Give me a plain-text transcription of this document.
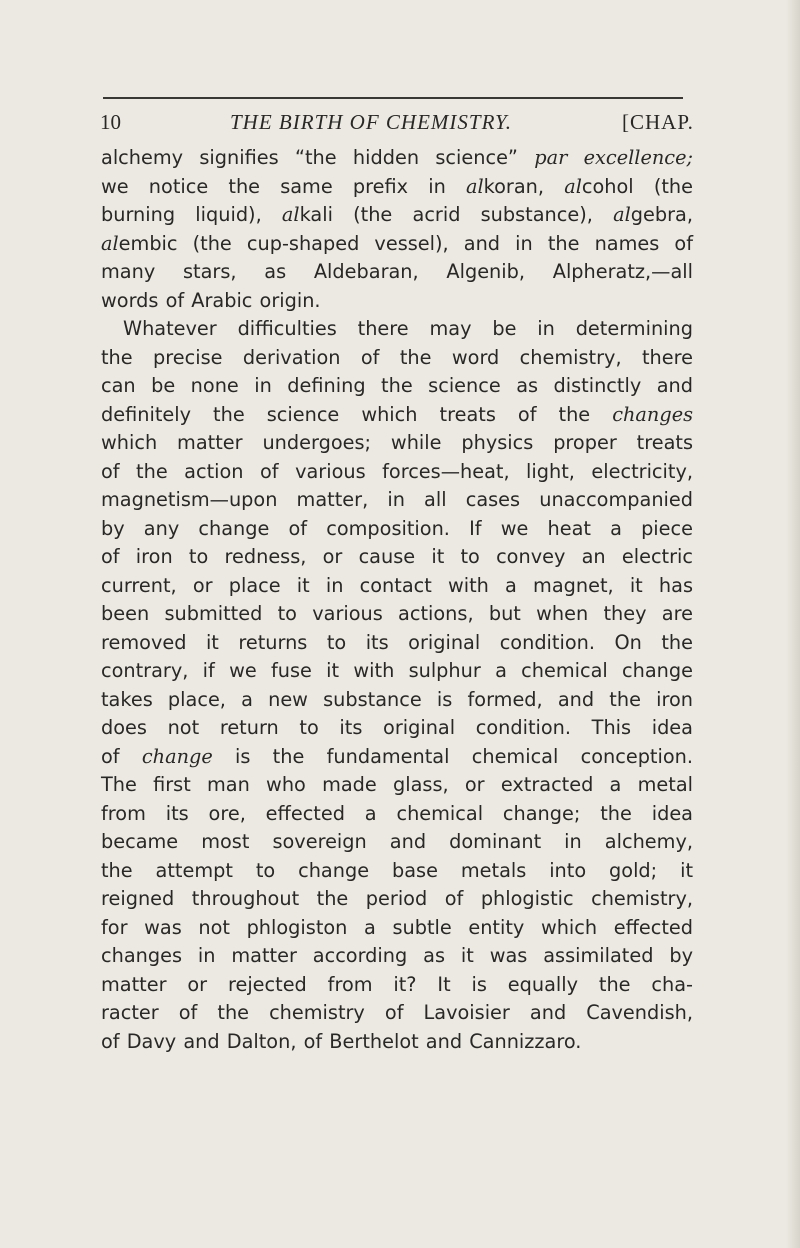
10	THE BIRTH OF CHEMISTRY.	[CHAP.
alchemy signifies “the hidden science” par excellence;
we notice the same prefix in alkoran, alcohol (the
burning liquid), alkali (the acrid substance), algebra,
alembic (the cup-shaped vessel), and in the names of
many stars, as Aldebaran, Algenib, Alpheratz,—all
words of Arabic origin.
Whatever difficulties there may be in determining
the precise derivation of the word chemistry, there
can be none in defining the science as distinctly and
definitely the science which treats of the changes
which matter undergoes; while physics proper treats
of the action of various forces—heat, light, electricity,
magnetism—upon matter, in all cases unaccompanied
by any change of composition. If we heat a piece
of iron to redness, or cause it to convey an electric
current, or place it in contact with a magnet, it has
been submitted to various actions, but when they are
removed it returns to its original condition. On the
contrary, if we fuse it with sulphur a chemical change
takes place, a new substance is formed, and the iron
does not return to its original condition. This idea
of change is the fundamental chemical conception.
The first man who made glass, or extracted a metal
from its ore, effected a chemical change; the idea
became most sovereign and dominant in alchemy,
the attempt to change base metals into gold; it
reigned throughout the period of phlogistic chemistry,
for was not phlogiston a subtle entity which effected
changes in matter according as it was assimilated by
matter or rejected from it? It is equally the cha-
racter of the chemistry of Lavoisier and Cavendish,
of Davy and Dalton, of Berthelot and Cannizzaro.
